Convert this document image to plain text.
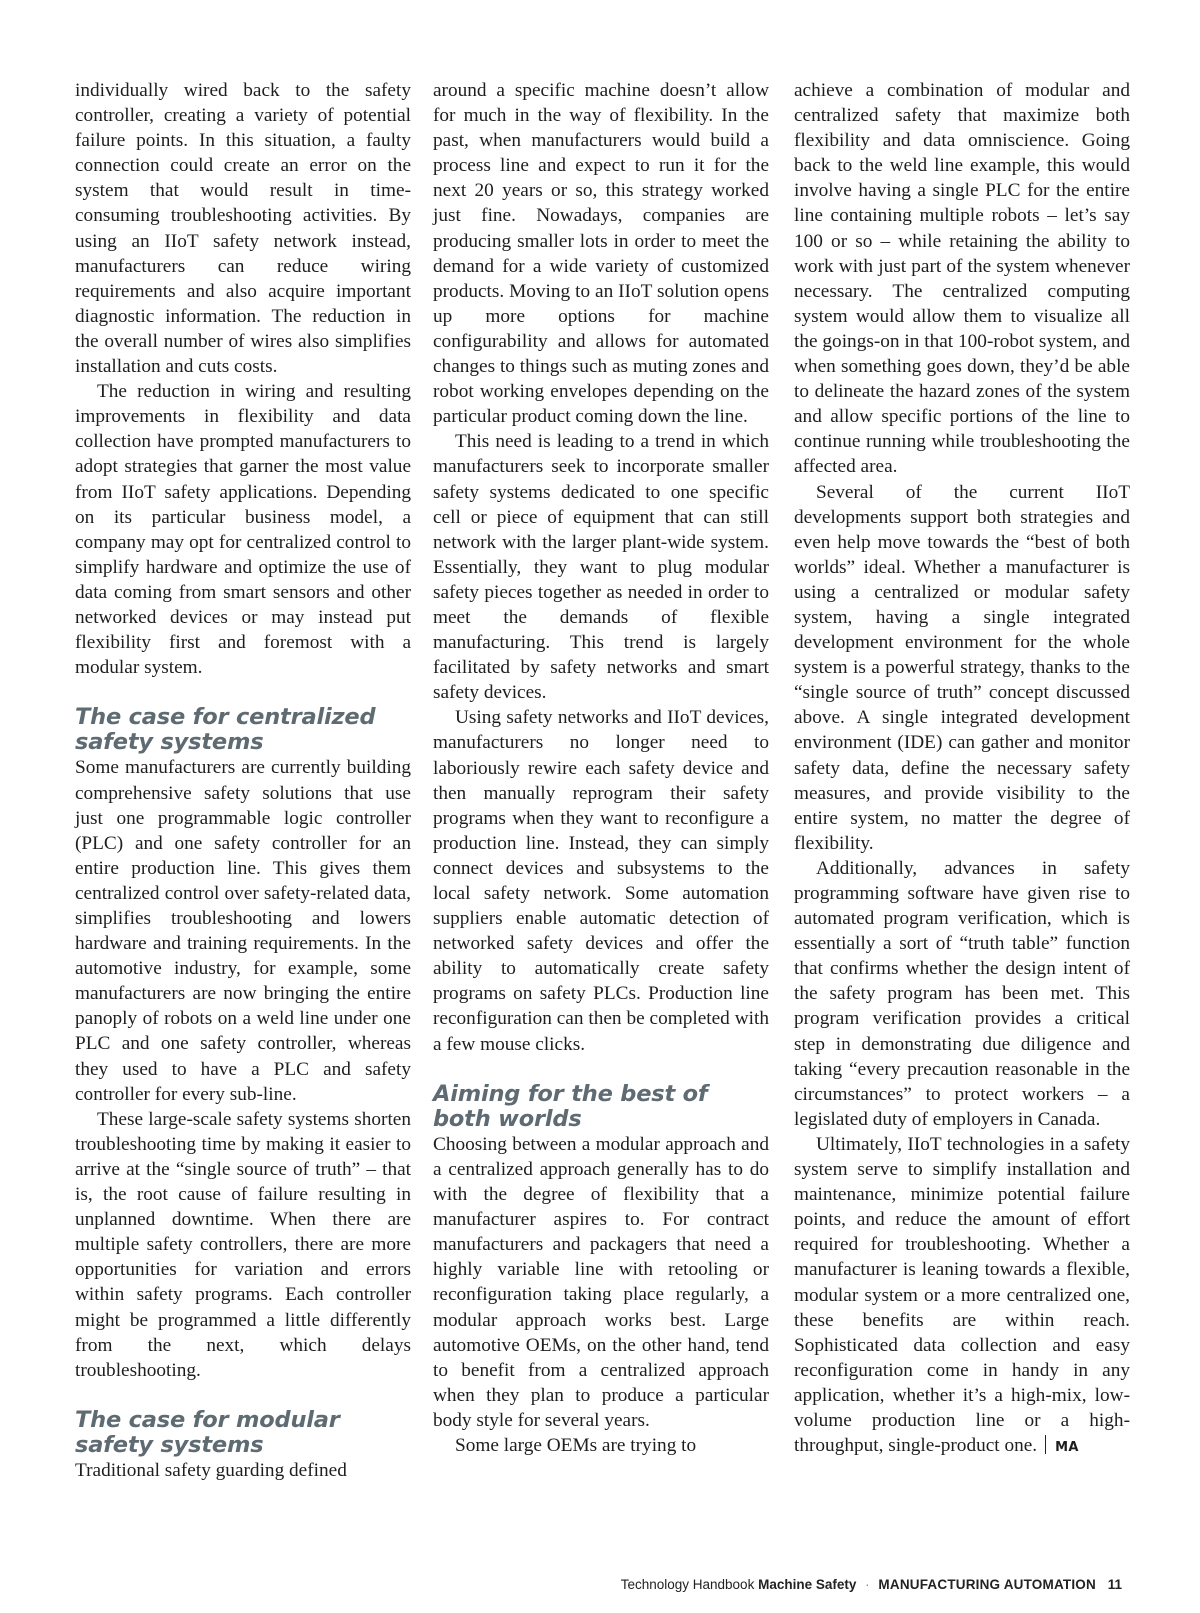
individually wired back to the safety controller, creating a variety of potential failure points. In this situation, a faulty connection could create an error on the system that would result in time-consuming troubleshooting activities. By using an IIoT safety network instead, manufacturers can reduce wiring requirements and also acquire important diagnostic information. The reduction in the overall number of wires also simplifies installation and cuts costs.

The reduction in wiring and resulting improvements in flexibility and data collection have prompted manufacturers to adopt strategies that garner the most value from IIoT safety applications. Depending on its particular business model, a company may opt for centralized control to simplify hardware and optimize the use of data coming from smart sensors and other networked devices or may instead put flexibility first and foremost with a modular system.

The case for centralized safety systems

Some manufacturers are currently building comprehensive safety solutions that use just one programmable logic controller (PLC) and one safety controller for an entire production line. This gives them centralized control over safety-related data, simplifies troubleshooting and lowers hardware and training requirements. In the automotive industry, for example, some manufacturers are now bringing the entire panoply of robots on a weld line under one PLC and one safety controller, whereas they used to have a PLC and safety controller for every sub-line.

These large-scale safety systems shorten troubleshooting time by making it easier to arrive at the “single source of truth” – that is, the root cause of failure resulting in unplanned downtime. When there are multiple safety controllers, there are more opportunities for variation and errors within safety programs. Each controller might be programmed a little differently from the next, which delays troubleshooting.

The case for modular safety systems

Traditional safety guarding defined

around a specific machine doesn’t allow for much in the way of flexibility. In the past, when manufacturers would build a process line and expect to run it for the next 20 years or so, this strategy worked just fine. Nowadays, companies are producing smaller lots in order to meet the demand for a wide variety of customized products. Moving to an IIoT solution opens up more options for machine configurability and allows for automated changes to things such as muting zones and robot working envelopes depending on the particular product coming down the line.

This need is leading to a trend in which manufacturers seek to incorporate smaller safety systems dedicated to one specific cell or piece of equipment that can still network with the larger plant-wide system. Essentially, they want to plug modular safety pieces together as needed in order to meet the demands of flexible manufacturing. This trend is largely facilitated by safety networks and smart safety devices.

Using safety networks and IIoT devices, manufacturers no longer need to laboriously rewire each safety device and then manually reprogram their safety programs when they want to reconfigure a production line. Instead, they can simply connect devices and subsystems to the local safety network. Some automation suppliers enable automatic detection of networked safety devices and offer the ability to automatically create safety programs on safety PLCs. Production line reconfiguration can then be completed with a few mouse clicks.

Aiming for the best of both worlds

Choosing between a modular approach and a centralized approach generally has to do with the degree of flexibility that a manufacturer aspires to. For contract manufacturers and packagers that need a highly variable line with retooling or reconfiguration taking place regularly, a modular approach works best. Large automotive OEMs, on the other hand, tend to benefit from a centralized approach when they plan to produce a particular body style for several years.

Some large OEMs are trying to

achieve a combination of modular and centralized safety that maximize both flexibility and data omniscience. Going back to the weld line example, this would involve having a single PLC for the entire line containing multiple robots – let’s say 100 or so – while retaining the ability to work with just part of the system whenever necessary. The centralized computing system would allow them to visualize all the goings-on in that 100-robot system, and when something goes down, they’d be able to delineate the hazard zones of the system and allow specific portions of the line to continue running while troubleshooting the affected area.

Several of the current IIoT developments support both strategies and even help move towards the “best of both worlds” ideal. Whether a manufacturer is using a centralized or modular safety system, having a single integrated development environment for the whole system is a powerful strategy, thanks to the “single source of truth” concept discussed above. A single integrated development environment (IDE) can gather and monitor safety data, define the necessary safety measures, and provide visibility to the entire system, no matter the degree of flexibility.

Additionally, advances in safety programming software have given rise to automated program verification, which is essentially a sort of “truth table” function that confirms whether the design intent of the safety program has been met. This program verification provides a critical step in demonstrating due diligence and taking “every precaution reasonable in the circumstances” to protect workers – a legislated duty of employers in Canada.

Ultimately, IIoT technologies in a safety system serve to simplify installation and maintenance, minimize potential failure points, and reduce the amount of effort required for troubleshooting. Whether a manufacturer is leaning towards a flexible, modular system or a more centralized one, these benefits are within reach. Sophisticated data collection and easy reconfiguration come in handy in any application, whether it’s a high-mix, low-volume production line or a high-throughput, single-product one. MA

Technology Handbook Machine Safety · MANUFACTURING AUTOMATION 11
